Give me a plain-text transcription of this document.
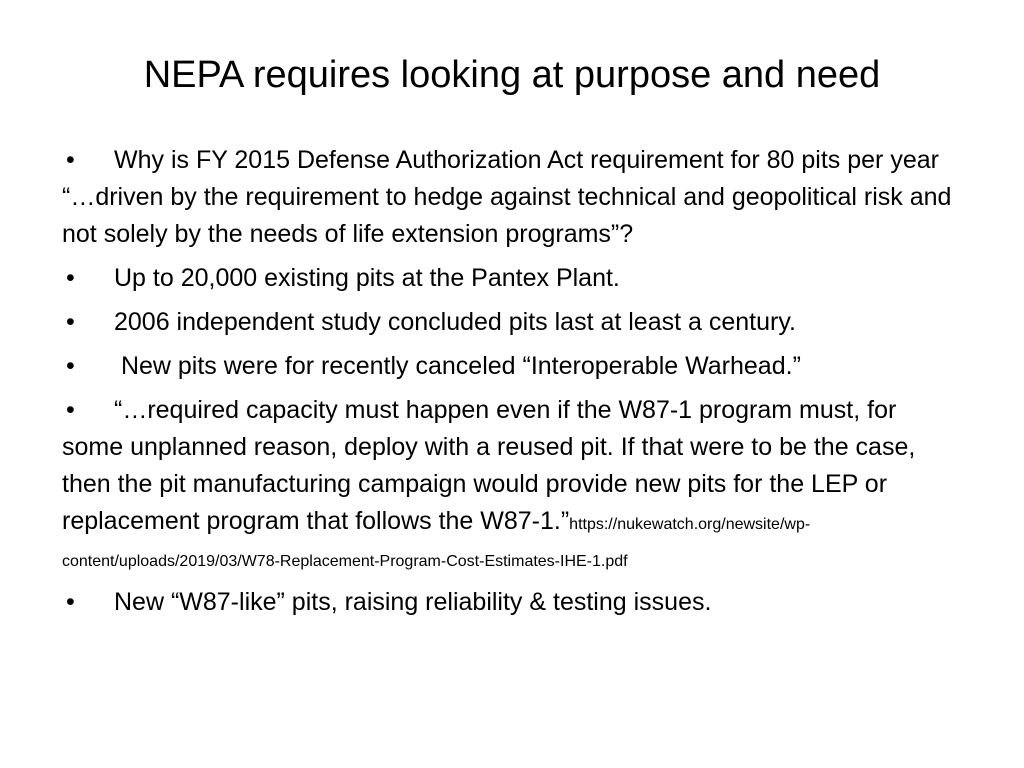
NEPA requires looking at purpose and need
• Why is FY 2015 Defense Authorization Act requirement for 80 pits per year “…driven by the requirement to hedge against technical and geopolitical risk and not solely by the needs of life extension programs”?
• Up to 20,000 existing pits at the Pantex Plant.
• 2006 independent study concluded pits last at least a century.
• New pits were for recently canceled “Interoperable Warhead.”
• “…required capacity must happen even if the W87-1 program must, for some unplanned reason, deploy with a reused pit. If that were to be the case, then the pit manufacturing campaign would provide new pits for the LEP or replacement program that follows the W87-1.”https://nukewatch.org/newsite/wp-content/uploads/2019/03/W78-Replacement-Program-Cost-Estimates-IHE-1.pdf
• New “W87-like” pits, raising reliability & testing issues.
